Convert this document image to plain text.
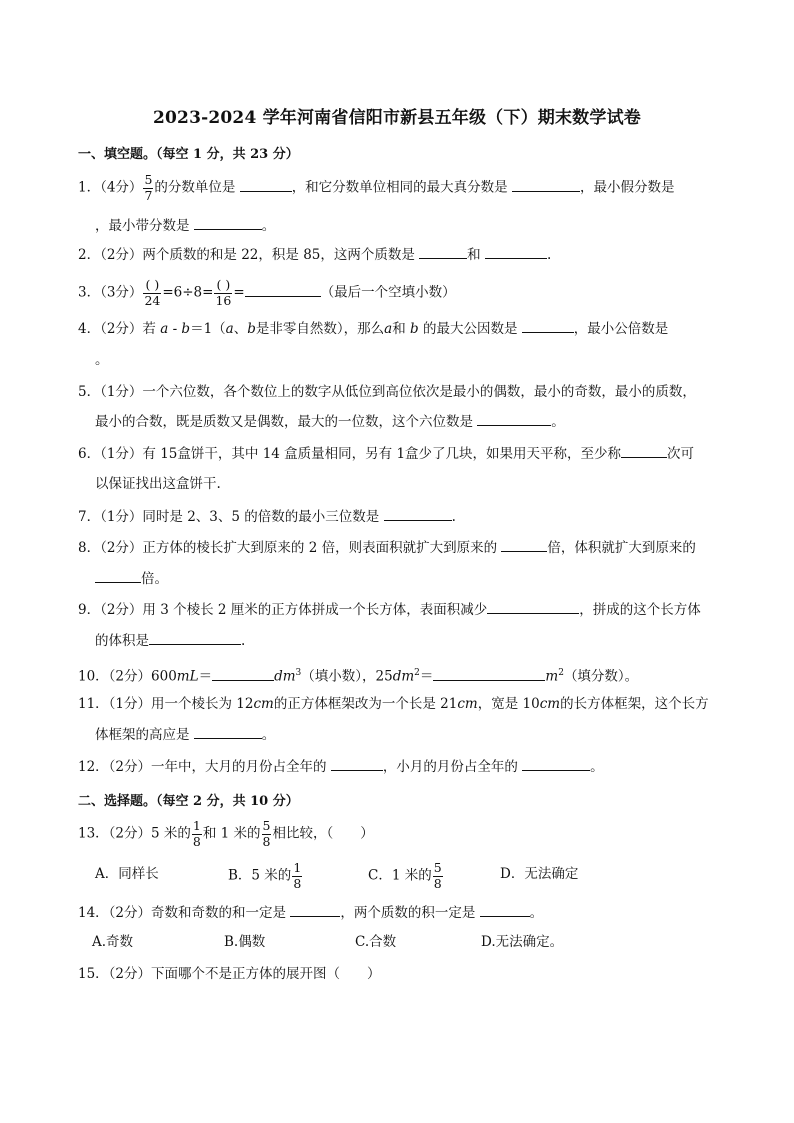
2023-2024 学年河南省信阳市新县五年级（下）期末数学试卷
一、填空题。（每空 1 分，共 23 分）
1．（4分） $\frac{5}{7}$ 的分数单位是	，和它分数单位相同的最大真分数是	，最小假分数是
，最小带分数是	。
2．（2分）两个质数的和是 22，积是 85，这两个质数是	和	.
3．（3分） $\frac{( )}{24} =6\div 8= \frac{( )}{16}$ =	（最后一个空填小数）
4．（2分）若 a - b＝1（a、b是非零自然数），那么a和 b 的最大公因数是	，最小公倍数是
。
5．（1分）一个六位数，各个数位上的数字从低位到高位依次是最小的偶数，最小的奇数，最小的质数，
最小的合数，既是质数又是偶数，最大的一位数，这个六位数是	。
6．（1分）有 15盒饼干，其中 14 盒质量相同，另有 1盒少了几块，如果用天平称，至少称	次可
以保证找出这盒饼干.
7．（1分）同时是 2、3、5 的倍数的最小三位数是	.
8．（2分）正方体的棱长扩大到原来的 2 倍，则表面积就扩大到原来的	倍，体积就扩大到原来的
倍。
9．（2分）用 3 个棱长 2 厘米的正方体拼成一个长方体，表面积减少	，拼成的这个长方体
的体积是	.
10．（2分）600mL＝	$dm^3$（填小数），$25dm^2=$	$m^2$（填分数）。
11．（1分）用一个棱长为 12cm的正方体框架改为一个长是 21cm，宽是 10cm的长方体框架，这个长方
体框架的高应是	。
12．（2分）一年中，大月的月份占全年的	，小月的月份占全年的	。
二、选择题。（每空 2 分，共 10 分）
13．（2分）5 米的 $\frac{1}{8}$ 和 1 米的 $\frac{5}{8}$ 相比较，（　　）
A．同样长	B．5 米的 $\frac{1}{8}$	C．1 米的 $\frac{5}{8}$	D．无法确定
14．（2分）奇数和奇数的和一定是	，两个质数的积一定是	。
A.奇数	B.偶数	C.合数	D.无法确定。
15．（2分）下面哪个不是正方体的展开图（　　）
